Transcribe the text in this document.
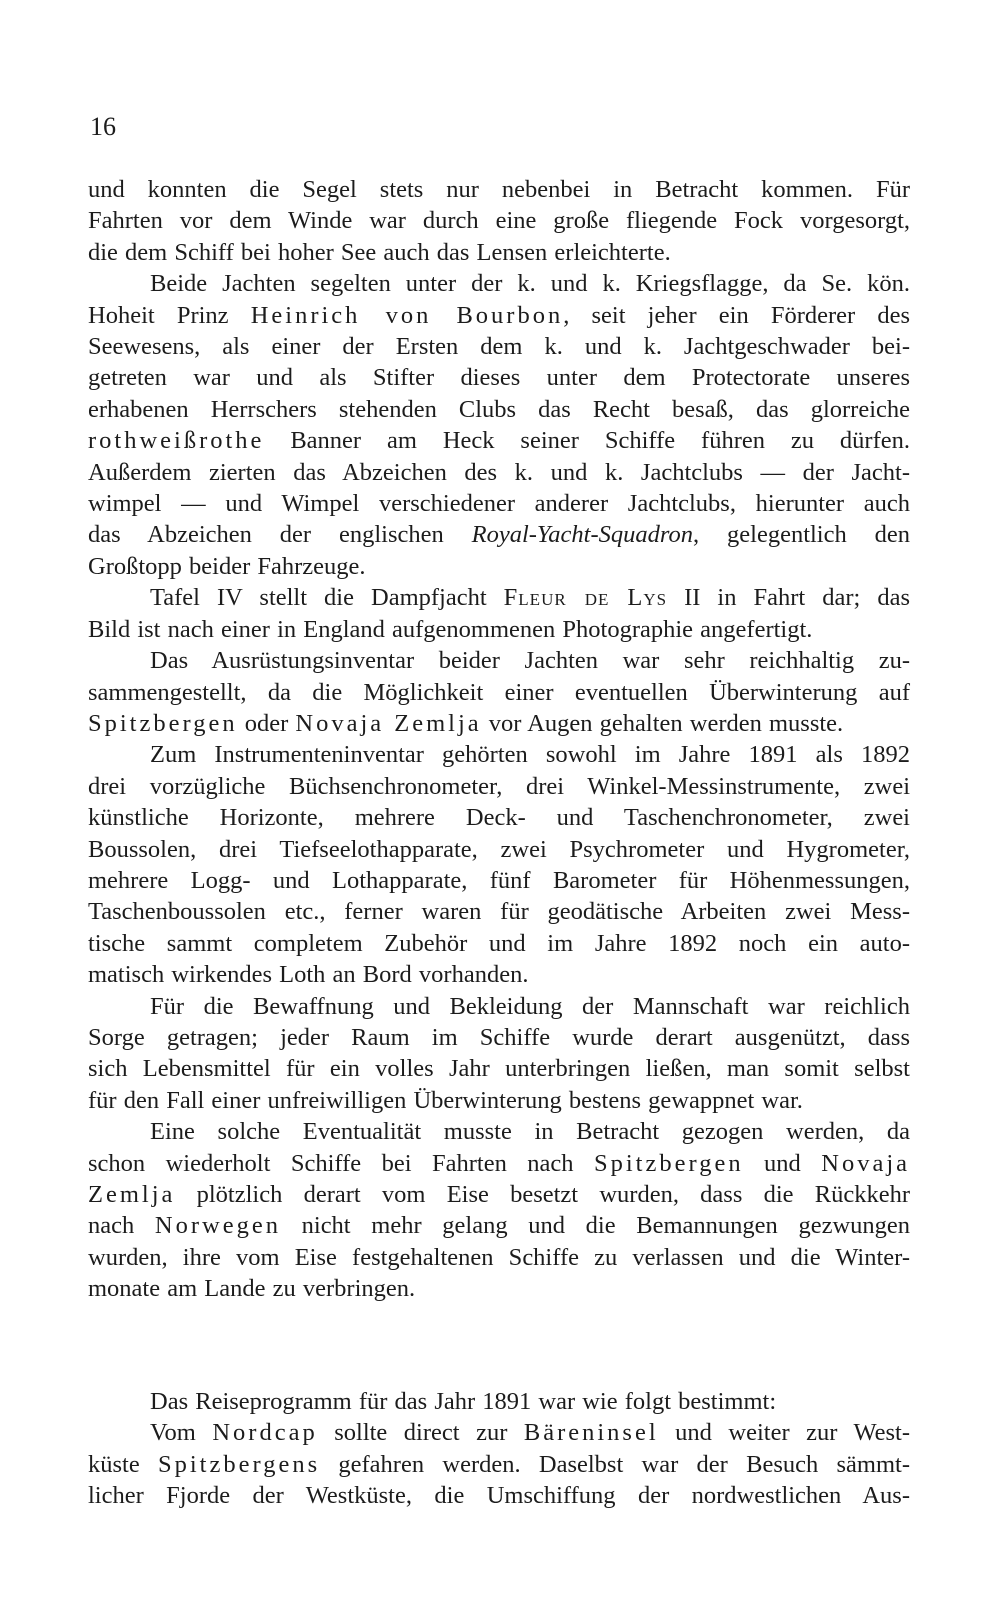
16
und konnten die Segel stets nur nebenbei in Betracht kommen. Für
Fahrten vor dem Winde war durch eine große fliegende Fock vorgesorgt,
die dem Schiff bei hoher See auch das Lensen erleichterte.
Beide Jachten segelten unter der k. und k. Kriegsflagge, da Se. kön.
Hoheit Prinz Heinrich von Bourbon, seit jeher ein Förderer des
Seewesens, als einer der Ersten dem k. und k. Jachtgeschwader bei-
getreten war und als Stifter dieses unter dem Protectorate unseres
erhabenen Herrschers stehenden Clubs das Recht besaß, das glorreiche
rothweißrothe Banner am Heck seiner Schiffe führen zu dürfen.
Außerdem zierten das Abzeichen des k. und k. Jachtclubs — der Jacht-
wimpel — und Wimpel verschiedener anderer Jachtclubs, hierunter auch
das Abzeichen der englischen Royal-Yacht-Squadron, gelegentlich den
Großtopp beider Fahrzeuge.
Tafel IV stellt die Dampfjacht Fleur de Lys II in Fahrt dar; das
Bild ist nach einer in England aufgenommenen Photographie angefertigt.
Das Ausrüstungsinventar beider Jachten war sehr reichhaltig zu-
sammengestellt, da die Möglichkeit einer eventuellen Überwinterung auf
Spitzbergen oder Novaja Zemlja vor Augen gehalten werden musste.
Zum Instrumenteninventar gehörten sowohl im Jahre 1891 als 1892
drei vorzügliche Büchsenchronometer, drei Winkel-Messinstrumente, zwei
künstliche Horizonte, mehrere Deck- und Taschenchronometer, zwei
Boussolen, drei Tiefseelothapparate, zwei Psychrometer und Hygrometer,
mehrere Logg- und Lothapparate, fünf Barometer für Höhenmessungen,
Taschenboussolen etc., ferner waren für geodätische Arbeiten zwei Mess-
tische sammt completem Zubehör und im Jahre 1892 noch ein auto-
matisch wirkendes Loth an Bord vorhanden.
Für die Bewaffnung und Bekleidung der Mannschaft war reichlich
Sorge getragen; jeder Raum im Schiffe wurde derart ausgenützt, dass
sich Lebensmittel für ein volles Jahr unterbringen ließen, man somit selbst
für den Fall einer unfreiwilligen Überwinterung bestens gewappnet war.
Eine solche Eventualität musste in Betracht gezogen werden, da
schon wiederholt Schiffe bei Fahrten nach Spitzbergen und Novaja
Zemlja plötzlich derart vom Eise besetzt wurden, dass die Rückkehr
nach Norwegen nicht mehr gelang und die Bemannungen gezwungen
wurden, ihre vom Eise festgehaltenen Schiffe zu verlassen und die Winter-
monate am Lande zu verbringen.
Das Reiseprogramm für das Jahr 1891 war wie folgt bestimmt:
Vom Nordcap sollte direct zur Bäreninsel und weiter zur West-
küste Spitzbergens gefahren werden. Daselbst war der Besuch sämmt-
licher Fjorde der Westküste, die Umschiffung der nordwestlichen Aus-
